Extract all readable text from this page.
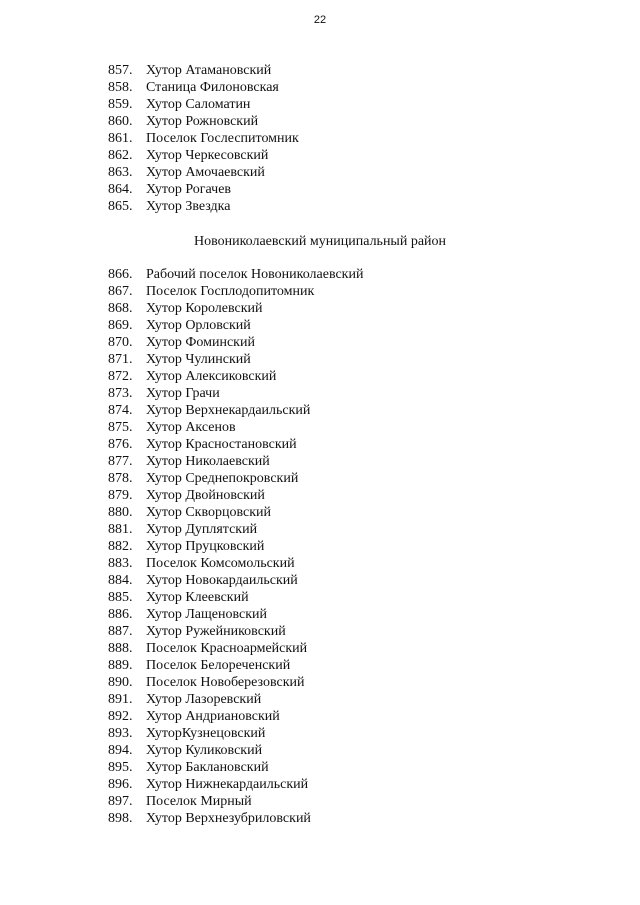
22
857. Хутор Атамановский
858. Станица Филоновская
859. Хутор Саломатин
860. Хутор Рожновский
861. Поселок Гослеспитомник
862. Хутор Черкесовский
863. Хутор Амочаевский
864. Хутор Рогачев
865. Хутор Звездка
Новониколаевский муниципальный район
866. Рабочий поселок Новониколаевский
867. Поселок Госплодопитомник
868. Хутор Королевский
869. Хутор Орловский
870. Хутор Фоминский
871. Хутор Чулинский
872. Хутор Алексиковский
873. Хутор Грачи
874. Хутор Верхнекардаильский
875. Хутор Аксенов
876. Хутор Красностановский
877. Хутор Николаевский
878. Хутор Среднепокровский
879. Хутор Двойновский
880. Хутор Скворцовский
881. Хутор Дуплятский
882. Хутор Пруцковский
883. Поселок Комсомольский
884. Хутор Новокардаильский
885. Хутор Клеевский
886. Хутор Лащеновский
887. Хутор Ружейниковский
888. Поселок Красноармейский
889. Поселок Белореченский
890. Поселок Новоберезовский
891. Хутор Лазоревский
892. Хутор Андриановский
893. ХуторКузнецовский
894. Хутор Куликовский
895. Хутор Баклановский
896. Хутор Нижнекардаильский
897. Поселок Мирный
898. Хутор Верхнезубриловский
